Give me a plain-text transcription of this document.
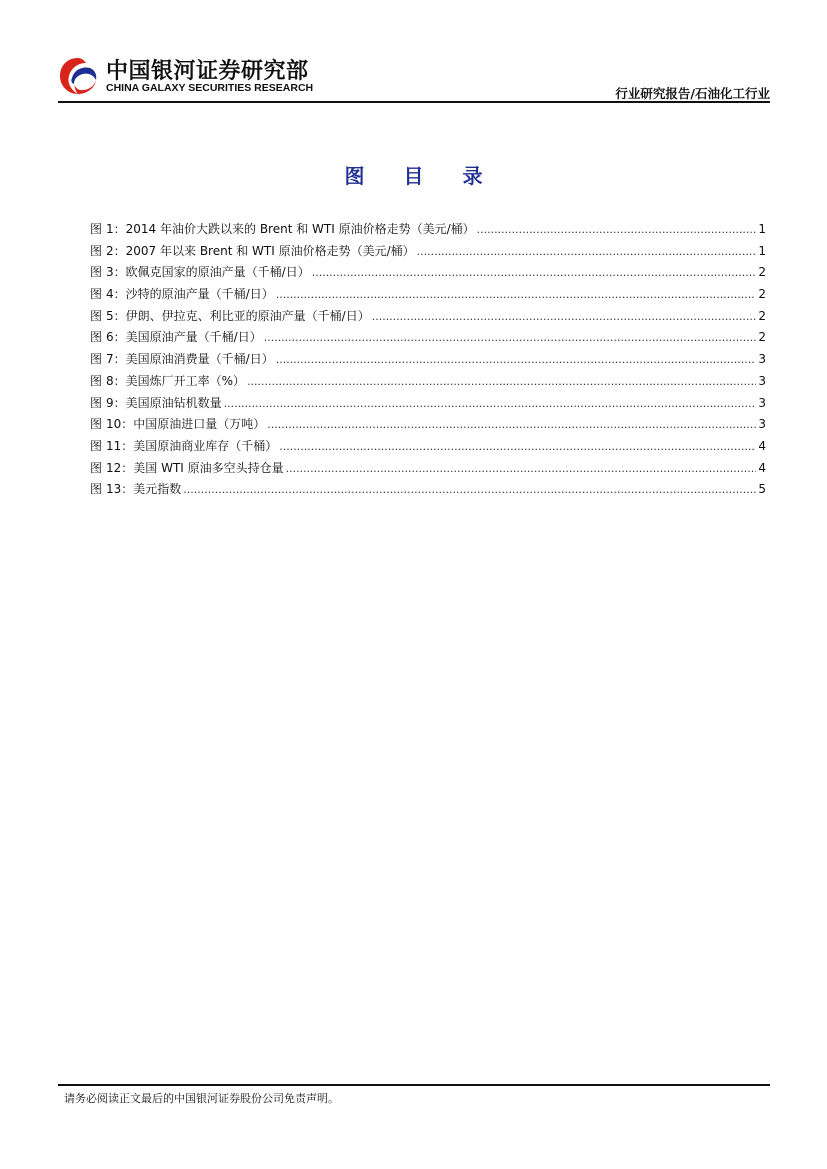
中国银河证券研究部
CHINA GALAXY SECURITIES RESEARCH	行业研究报告/石油化工行业
图 目 录
图 1：2014 年油价大跌以来的 Brent 和 WTI 原油价格走势（美元/桶） .....	1
图 2：2007 年以来 Brent 和 WTI 原油价格走势（美元/桶） .....	1
图 3：欧佩克国家的原油产量（千桶/日） .....	2
图 4：沙特的原油产量（千桶/日） .....	2
图 5：伊朗、伊拉克、利比亚的原油产量（千桶/日） .....	2
图 6：美国原油产量（千桶/日） .....	2
图 7：美国原油消费量（千桶/日） .....	3
图 8：美国炼厂开工率（%） .....	3
图 9：美国原油钻机数量 .....	3
图 10：中国原油进口量（万吨） .....	3
图 11：美国原油商业库存（千桶） .....	4
图 12：美国 WTI 原油多空头持仓量 .....	4
图 13：美元指数 .....	5
请务必阅读正文最后的中国银河证券股份公司免责声明。
